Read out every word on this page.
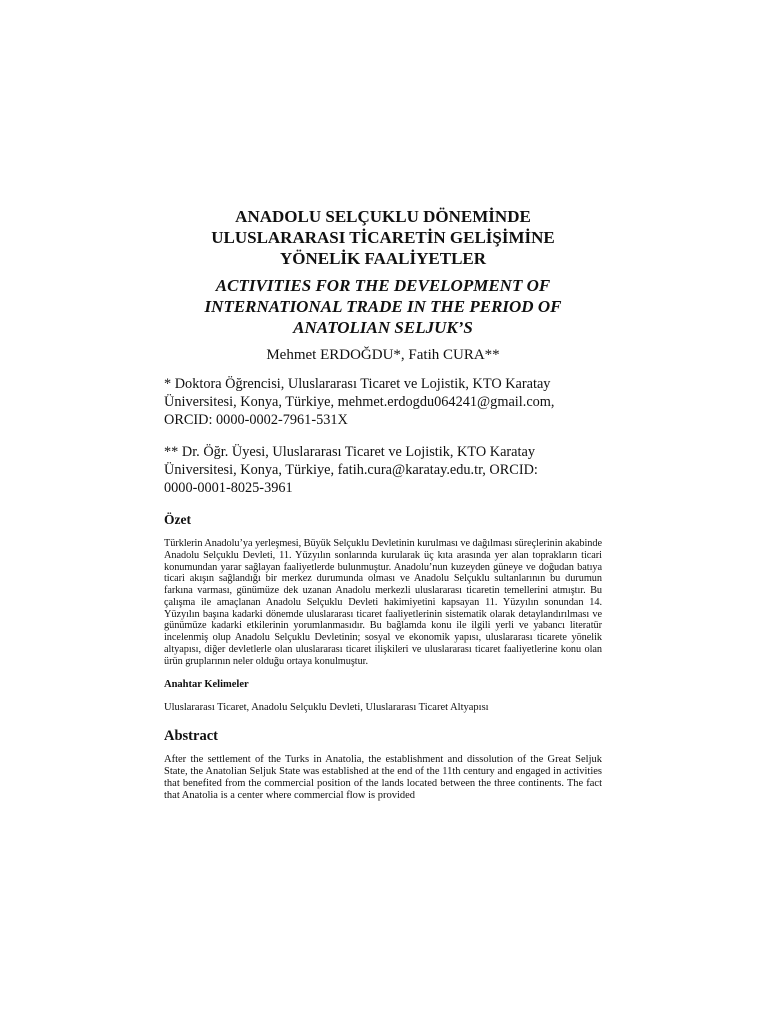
ANADOLU SELÇUKLU DÖNEMİNDE
ULUSLARARASI TİCARETİN GELİŞİMİNE
YÖNELİK FAALİYETLER
ACTIVITIES FOR THE DEVELOPMENT OF
INTERNATIONAL TRADE IN THE PERIOD OF
ANATOLIAN SELJUK’S

Mehmet ERDOĞDU*, Fatih CURA**

* Doktora Öğrencisi, Uluslararası Ticaret ve Lojistik, KTO Karatay
Üniversitesi, Konya, Türkiye, mehmet.erdogdu064241@gmail.com,
ORCID: 0000-0002-7961-531X

** Dr. Öğr. Üyesi, Uluslararası Ticaret ve Lojistik, KTO Karatay
Üniversitesi, Konya, Türkiye, fatih.cura@karatay.edu.tr, ORCID:
0000-0001-8025-3961

Özet

Türklerin Anadolu’ya yerleşmesi, Büyük Selçuklu Devletinin kurulması ve dağılması süreçlerinin akabinde Anadolu Selçuklu Devleti, 11. Yüzyılın sonlarında kurularak üç kıta arasında yer alan toprakların ticari konumundan yarar sağlayan faaliyetlerde bulunmuştur. Anadolu’nun kuzeyden güneye ve doğudan batıya ticari akışın sağlandığı bir merkez durumunda olması ve Anadolu Selçuklu sultanlarının bu durumun farkına varması, günümüze dek uzanan Anadolu merkezli uluslararası ticaretin temellerini atmıştır. Bu çalışma ile amaçlanan Anadolu Selçuklu Devleti hakimiyetini kapsayan 11. Yüzyılın sonundan 14. Yüzyılın başına kadarki dönemde uluslararası ticaret faaliyetlerinin sistematik olarak detaylandırılması ve günümüze kadarki etkilerinin yorumlanmasıdır. Bu bağlamda konu ile ilgili yerli ve yabancı literatür incelenmiş olup Anadolu Selçuklu Devletinin; sosyal ve ekonomik yapısı, uluslararası ticarete yönelik altyapısı, diğer devletlerle olan uluslararası ticaret ilişkileri ve uluslararası ticaret faaliyetlerine konu olan ürün gruplarının neler olduğu ortaya konulmuştur.

Anahtar Kelimeler

Uluslararası Ticaret, Anadolu Selçuklu Devleti, Uluslararası Ticaret Altyapısı

Abstract

After the settlement of the Turks in Anatolia, the establishment and dissolution of the Great Seljuk State, the Anatolian Seljuk State was established at the end of the 11th century and engaged in activities that benefited from the commercial position of the lands located between the three continents. The fact that Anatolia is a center where commercial flow is provided
